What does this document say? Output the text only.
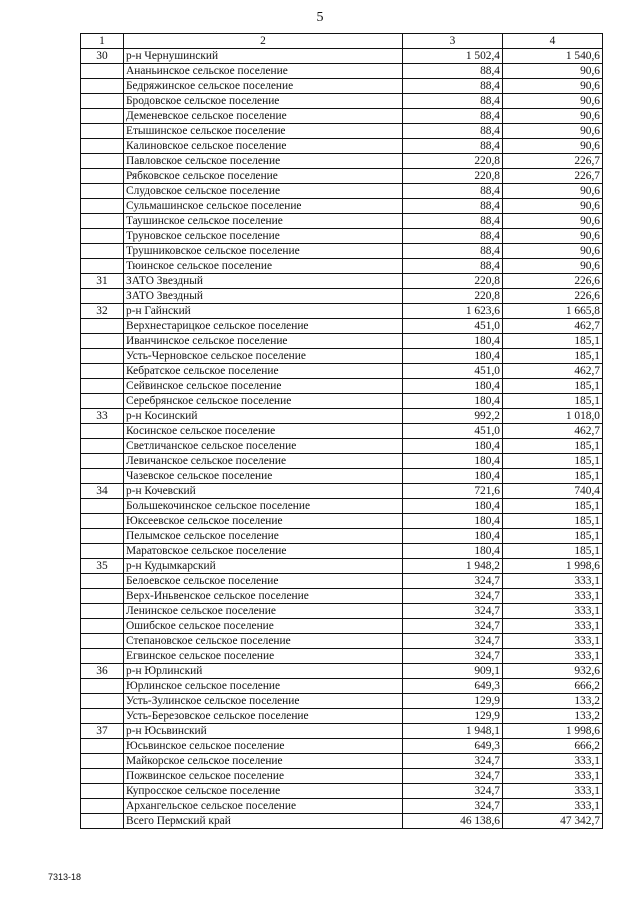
5
1	2	3	4
30	р-н Чернушинский	1 502,4	1 540,6
	Ананьинское сельское поселение	88,4	90,6
	Бедряжинское сельское поселение	88,4	90,6
	Бродовское сельское поселение	88,4	90,6
	Деменевское сельское поселение	88,4	90,6
	Етышинское сельское поселение	88,4	90,6
	Калиновское сельское поселение	88,4	90,6
	Павловское сельское поселение	220,8	226,7
	Рябковское сельское поселение	220,8	226,7
	Слудовское сельское поселение	88,4	90,6
	Сульмашинское сельское поселение	88,4	90,6
	Таушинское сельское поселение	88,4	90,6
	Труновское сельское поселение	88,4	90,6
	Трушниковское сельское поселение	88,4	90,6
	Тюинское сельское поселение	88,4	90,6
31	ЗАТО Звездный	220,8	226,6
	ЗАТО Звездный	220,8	226,6
32	р-н Гайнский	1 623,6	1 665,8
	Верхнестарицкое сельское поселение	451,0	462,7
	Иванчинское сельское поселение	180,4	185,1
	Усть-Черновское сельское поселение	180,4	185,1
	Кебратское сельское поселение	451,0	462,7
	Сейвинское сельское поселение	180,4	185,1
	Серебрянское сельское поселение	180,4	185,1
33	р-н Косинский	992,2	1 018,0
	Косинское сельское поселение	451,0	462,7
	Светличанское сельское поселение	180,4	185,1
	Левичанское сельское поселение	180,4	185,1
	Чазевское сельское поселение	180,4	185,1
34	р-н Кочевский	721,6	740,4
	Большекочинское сельское поселение	180,4	185,1
	Юксеевское сельское поселение	180,4	185,1
	Пелымское сельское поселение	180,4	185,1
	Маратовское сельское поселение	180,4	185,1
35	р-н Кудымкарский	1 948,2	1 998,6
	Белоевское сельское поселение	324,7	333,1
	Верх-Иньвенское сельское поселение	324,7	333,1
	Ленинское сельское поселение	324,7	333,1
	Ошибское сельское поселение	324,7	333,1
	Степановское сельское поселение	324,7	333,1
	Егвинское сельское поселение	324,7	333,1
36	р-н Юрлинский	909,1	932,6
	Юрлинское сельское поселение	649,3	666,2
	Усть-Зулинское сельское поселение	129,9	133,2
	Усть-Березовское сельское поселение	129,9	133,2
37	р-н Юсьвинский	1 948,1	1 998,6
	Юсьвинское сельское поселение	649,3	666,2
	Майкорское сельское поселение	324,7	333,1
	Пожвинское сельское поселение	324,7	333,1
	Купросское сельское поселение	324,7	333,1
	Архангельское сельское поселение	324,7	333,1
	Всего Пермский край	46 138,6	47 342,7
7313-18
